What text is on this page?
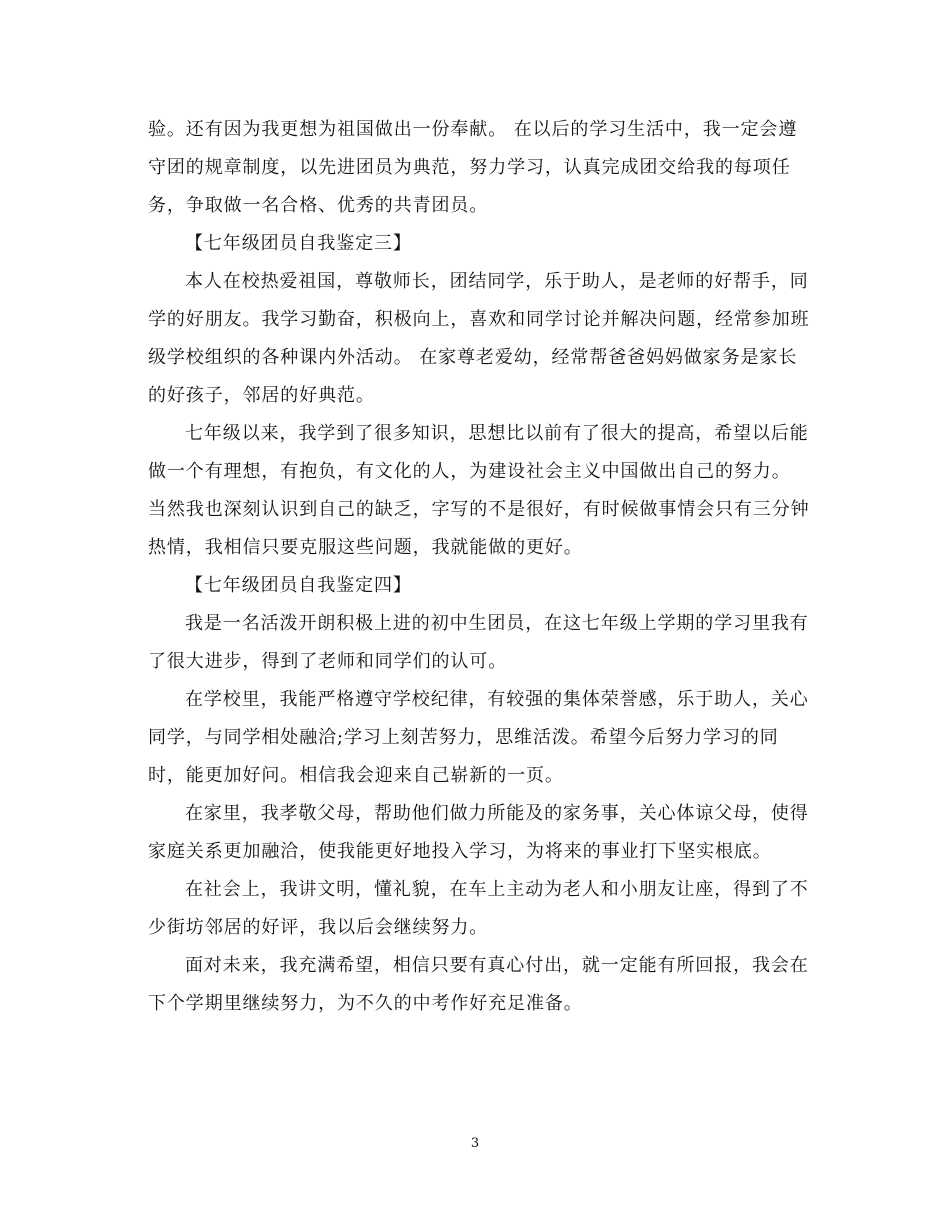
验。还有因为我更想为祖国做出一份奉献。 在以后的学习生活中，我一定会遵
守团的规章制度，以先进团员为典范，努力学习，认真完成团交给我的每项任
务，争取做一名合格、优秀的共青团员。
【七年级团员自我鉴定三】
本人在校热爱祖国，尊敬师长，团结同学，乐于助人，是老师的好帮手，同
学的好朋友。我学习勤奋，积极向上，喜欢和同学讨论并解决问题，经常参加班
级学校组织的各种课内外活动。 在家尊老爱幼，经常帮爸爸妈妈做家务是家长
的好孩子，邻居的好典范。
七年级以来，我学到了很多知识，思想比以前有了很大的提高，希望以后能
做一个有理想，有抱负，有文化的人，为建设社会主义中国做出自己的努力。
当然我也深刻认识到自己的缺乏，字写的不是很好，有时候做事情会只有三分钟
热情，我相信只要克服这些问题，我就能做的更好。
【七年级团员自我鉴定四】
我是一名活泼开朗积极上进的初中生团员，在这七年级上学期的学习里我有
了很大进步，得到了老师和同学们的认可。
在学校里，我能严格遵守学校纪律，有较强的集体荣誉感，乐于助人，关心
同学，与同学相处融洽;学习上刻苦努力，思维活泼。希望今后努力学习的同
时，能更加好问。相信我会迎来自己崭新的一页。
在家里，我孝敬父母，帮助他们做力所能及的家务事，关心体谅父母，使得
家庭关系更加融洽，使我能更好地投入学习，为将来的事业打下坚实根底。
在社会上，我讲文明，懂礼貌，在车上主动为老人和小朋友让座，得到了不
少街坊邻居的好评，我以后会继续努力。
面对未来，我充满希望，相信只要有真心付出，就一定能有所回报，我会在
下个学期里继续努力，为不久的中考作好充足准备。
3
